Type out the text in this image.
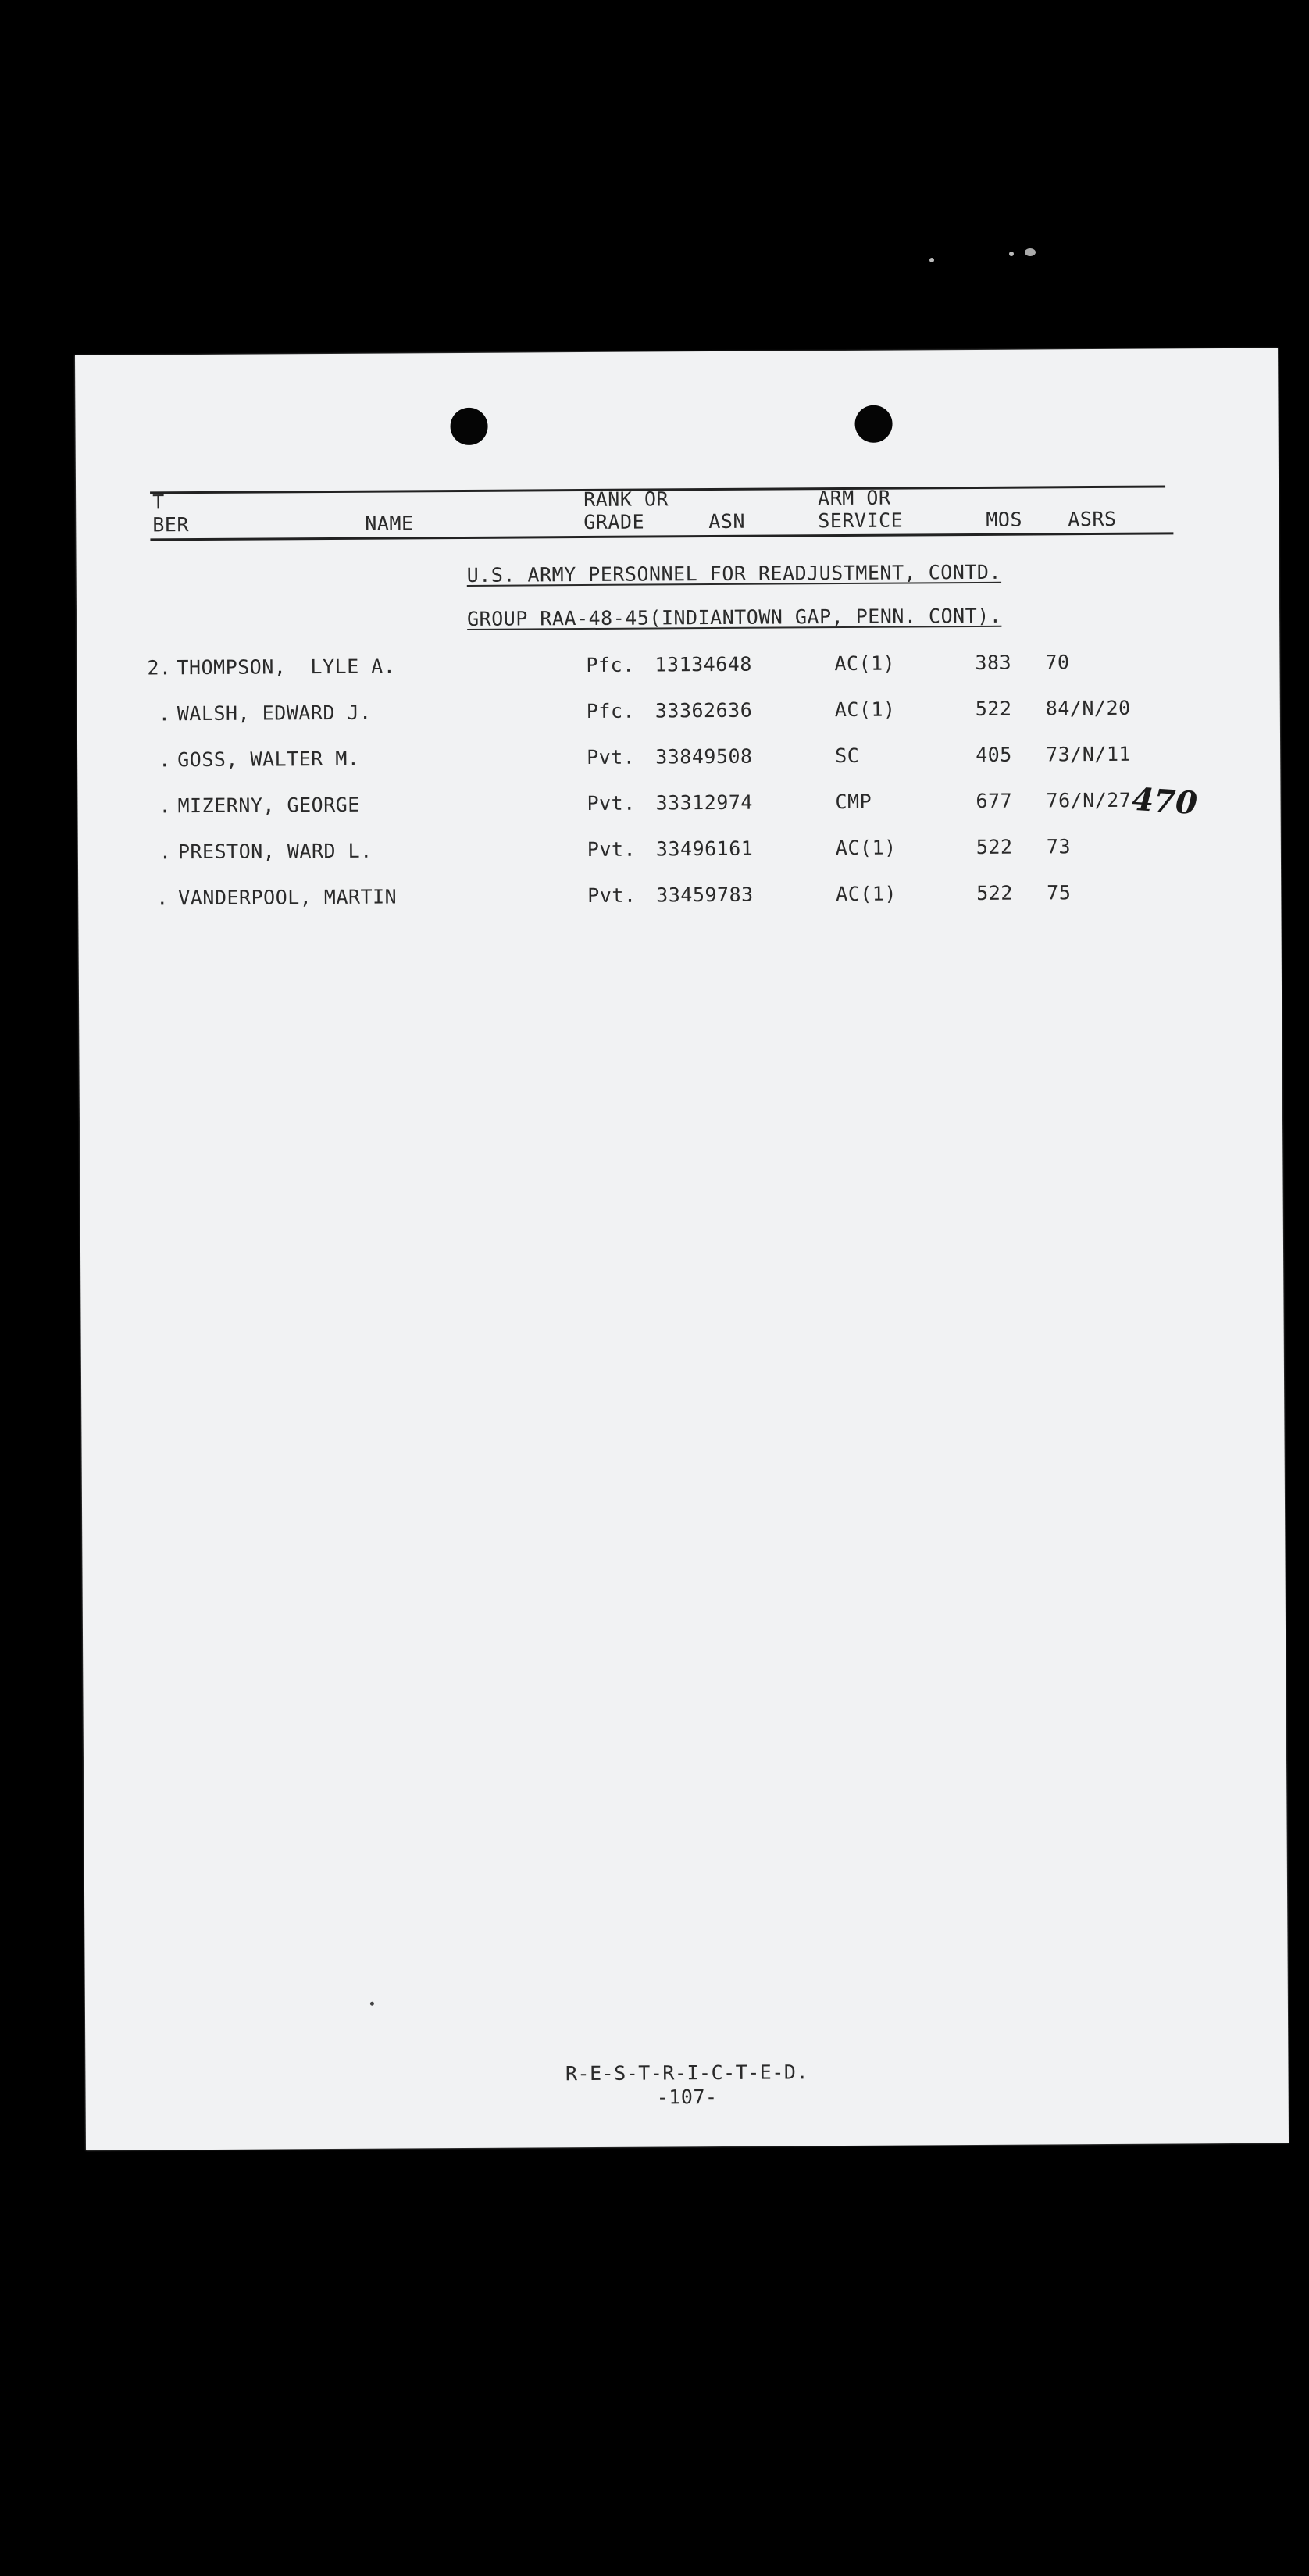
T
BER	NAME
RANK OR
GRADE	ASN
ARM OR
SERVICE	MOS ASRS
U.S. ARMY PERSONNEL FOR READJUSTMENT, CONTD.
GROUP RAA-48-45(INDIANTOWN GAP, PENN. CONT).
2. THOMPSON,  LYLE A.	Pfc. 13134648	AC(1)	383 70
. WALSH, EDWARD J.	Pfc. 33362636	AC(1)	522 84/N/20
. GOSS, WALTER M.	Pvt. 33849508	SC	405 73/N/11
. MIZERNY, GEORGE	Pvt. 33312974	CMP	677 76/N/27
. PRESTON, WARD L.	Pvt. 33496161	AC(1)	522 73
. VANDERPOOL, MARTIN	Pvt. 33459783	AC(1)	522 75
470
R-E-S-T-R-I-C-T-E-D.
-107-
